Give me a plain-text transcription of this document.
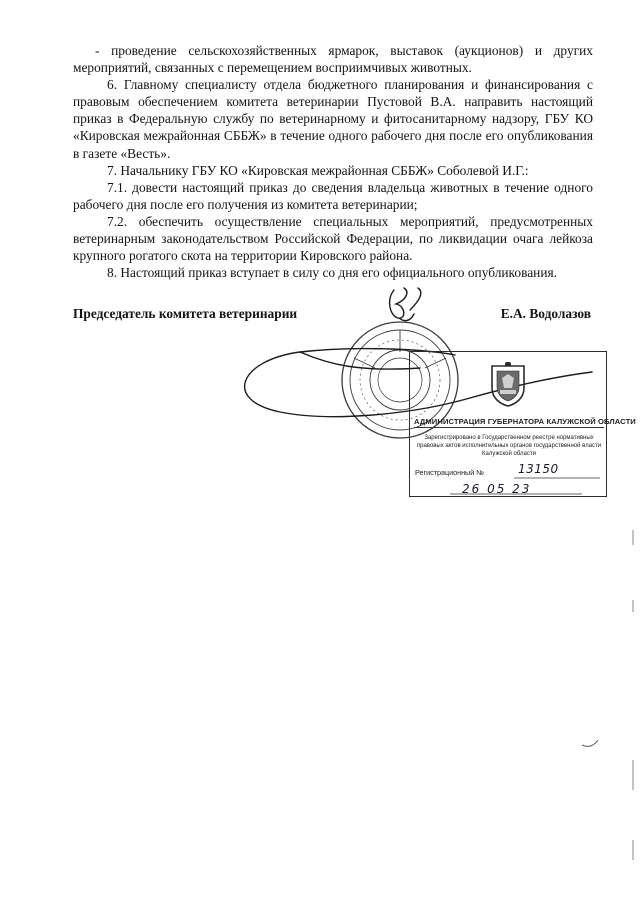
- проведение сельскохозяйственных ярмарок, выставок (аукционов) и других мероприятий, связанных с перемещением восприимчивых животных.

6. Главному специалисту отдела бюджетного планирования и финансирования с правовым обеспечением комитета ветеринарии Пустовой В.А. направить настоящий приказ в Федеральную службу по ветеринарному и фитосанитарному надзору, ГБУ КО «Кировская межрайонная СББЖ» в течение одного рабочего дня после его опубликования в газете «Весть».

7. Начальнику ГБУ КО «Кировская межрайонная СББЖ» Соболевой И.Г.:

7.1. довести настоящий приказ до сведения владельца животных в течение одного рабочего дня после его получения из комитета ветеринарии;

7.2. обеспечить осуществление специальных мероприятий, предусмотренных ветеринарным законодательством Российской Федерации, по ликвидации очага лейкоза крупного рогатого скота на территории Кировского района.

8. Настоящий приказ вступает в силу со дня его официального опубликования.

Председатель комитета ветеринарии	Е.А. Водолазов
АДМИНИСТРАЦИЯ ГУБЕРНАТОРА КАЛУЖСКОЙ ОБЛАСТИ
Зарегистрировано в Государственном реестре нормативных правовых актов исполнительных органов государственной власти Калужской области
Регистрационный №	13150
26 05 23
